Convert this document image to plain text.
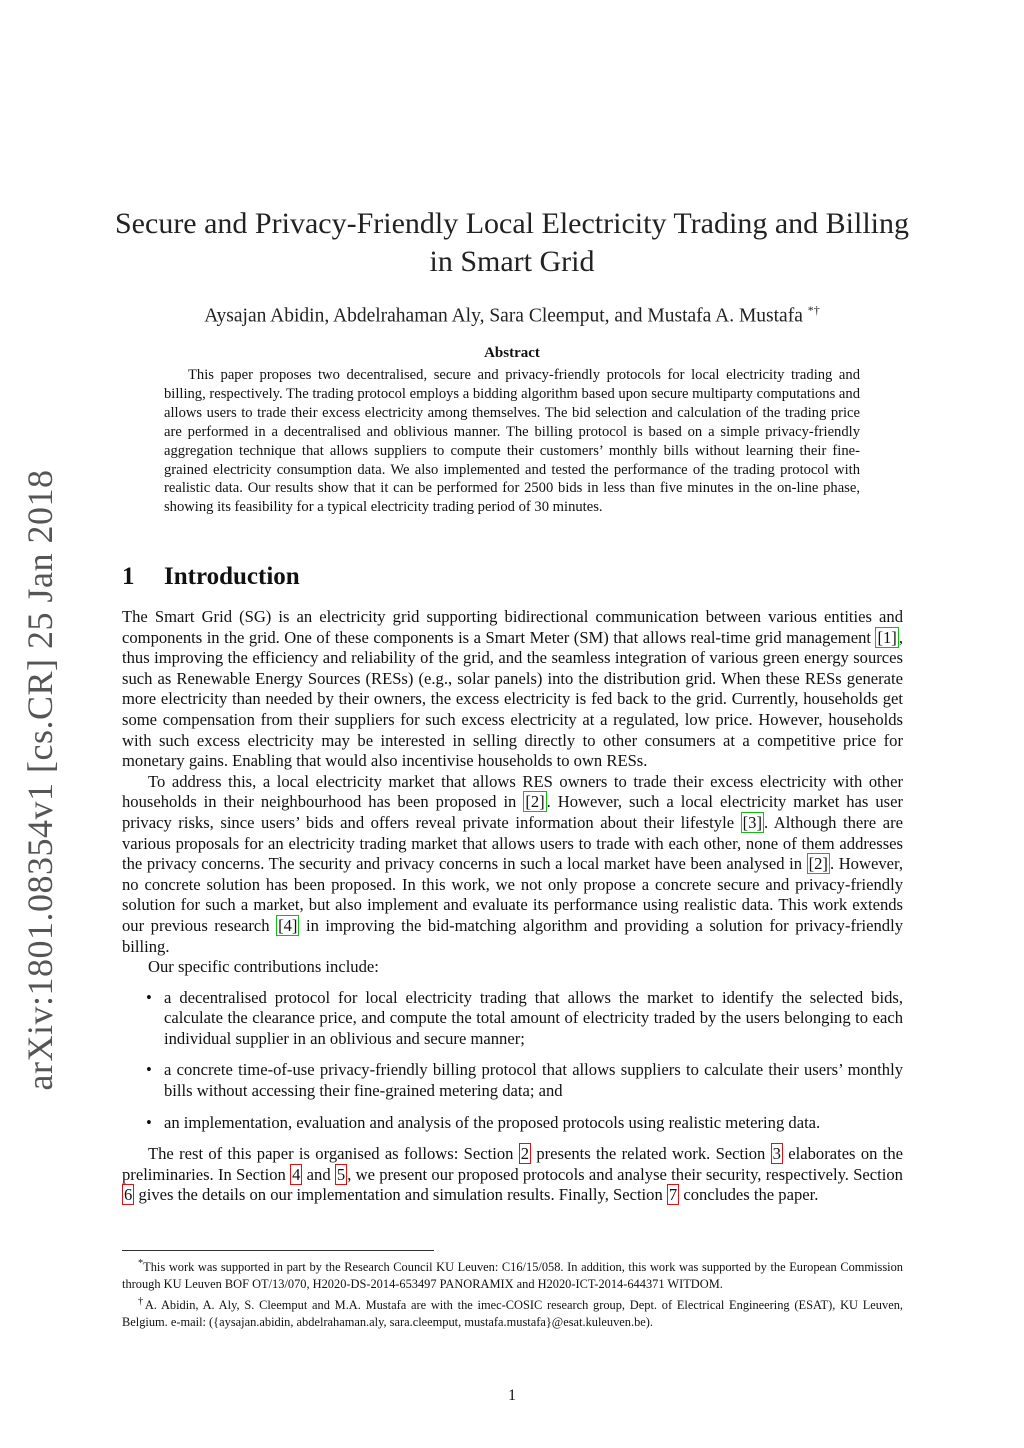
arXiv:1801.08354v1 [cs.CR] 25 Jan 2018
Secure and Privacy-Friendly Local Electricity Trading and Billing
in Smart Grid
Aysajan Abidin, Abdelrahaman Aly, Sara Cleemput, and Mustafa A. Mustafa *†
Abstract

This paper proposes two decentralised, secure and privacy-friendly protocols for local electricity trading and billing, respectively. The trading protocol employs a bidding algorithm based upon secure multiparty computations and allows users to trade their excess electricity among themselves. The bid selection and calculation of the trading price are performed in a decentralised and oblivious manner. The billing protocol is based on a simple privacy-friendly aggregation technique that allows suppliers to compute their customers’ monthly bills without learning their fine-grained electricity consumption data. We also implemented and tested the performance of the trading protocol with realistic data. Our results show that it can be performed for 2500 bids in less than five minutes in the on-line phase, showing its feasibility for a typical electricity trading period of 30 minutes.

1 Introduction

The Smart Grid (SG) is an electricity grid supporting bidirectional communication between various entities and components in the grid. One of these components is a Smart Meter (SM) that allows real-time grid management [1] , thus improving the efficiency and reliability of the grid, and the seamless integration of various green energy sources such as Renewable Energy Sources (RESs) (e.g., solar panels) into the distribution grid. When these RESs generate more electricity than needed by their owners, the excess electricity is fed back to the grid. Currently, households get some compensation from their suppliers for such excess electricity at a regulated, low price. However, households with such excess electricity may be interested in selling directly to other consumers at a competitive price for monetary gains. Enabling that would also incentivise households to own RESs.

To address this, a local electricity market that allows RES owners to trade their excess electricity with other households in their neighbourhood has been proposed in [2] . However, such a local electricity market has user privacy risks, since users’ bids and offers reveal private information about their lifestyle [3] . Although there are various proposals for an electricity trading market that allows users to trade with each other, none of them addresses the privacy concerns. The security and privacy concerns in such a local market have been analysed in [2] . However, no concrete solution has been proposed. In this work, we not only propose a concrete secure and privacy-friendly solution for such a market, but also implement and evaluate its performance using realistic data. This work extends our previous research [4] in improving the bid-matching algorithm and providing a solution for privacy-friendly billing.

Our specific contributions include:

• a decentralised protocol for local electricity trading that allows the market to identify the selected bids, calculate the clearance price, and compute the total amount of electricity traded by the users belonging to each individual supplier in an oblivious and secure manner;
• a concrete time-of-use privacy-friendly billing protocol that allows suppliers to calculate their users’ monthly bills without accessing their fine-grained metering data; and
• an implementation, evaluation and analysis of the proposed protocols using realistic metering data.

The rest of this paper is organised as follows: Section 2 presents the related work. Section 3 elaborates on the preliminaries. In Section 4 and 5 , we present our proposed protocols and analyse their security, respectively. Section 6 gives the details on our implementation and simulation results. Finally, Section 7 concludes the paper.

*This work was supported in part by the Research Council KU Leuven: C16/15/058. In addition, this work was supported by the European Commission through KU Leuven BOF OT/13/070, H2020-DS-2014-653497 PANORAMIX and H2020-ICT-2014-644371 WITDOM.

†A. Abidin, A. Aly, S. Cleemput and M.A. Mustafa are with the imec-COSIC research group, Dept. of Electrical Engineering (ESAT), KU Leuven, Belgium. e-mail: ({aysajan.abidin, abdelrahaman.aly, sara.cleemput, mustafa.mustafa}@esat.kuleuven.be).

1
